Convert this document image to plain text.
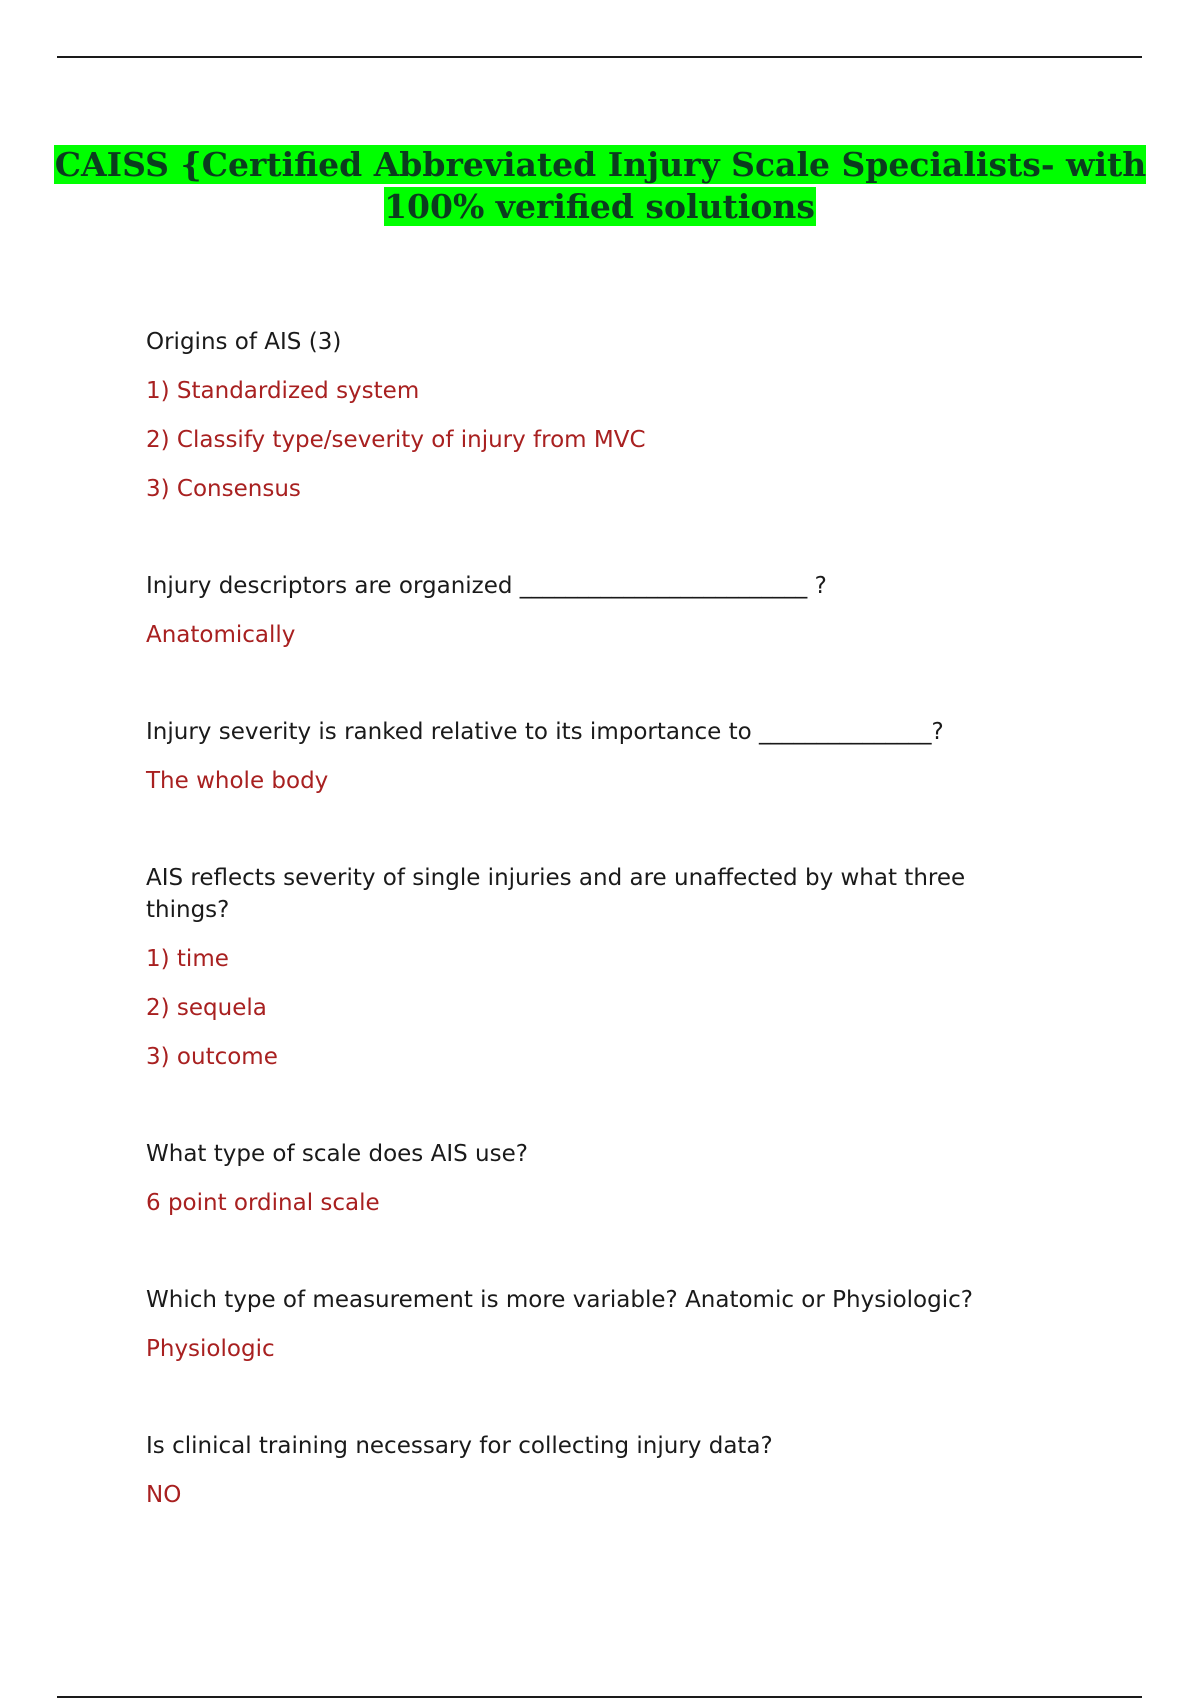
CAISS {Certified Abbreviated Injury Scale Specialists- with 100% verified solutions

Origins of AIS (3)

1) Standardized system

2) Classify type/severity of injury from MVC

3) Consensus

Injury descriptors are organized _________________________ ?

Anatomically

Injury severity is ranked relative to its importance to _______________?

The whole body

AIS reflects severity of single injuries and are unaffected by what three things?

1) time

2) sequela

3) outcome

What type of scale does AIS use?

6 point ordinal scale

Which type of measurement is more variable? Anatomic or Physiologic?

Physiologic

Is clinical training necessary for collecting injury data?

NO
